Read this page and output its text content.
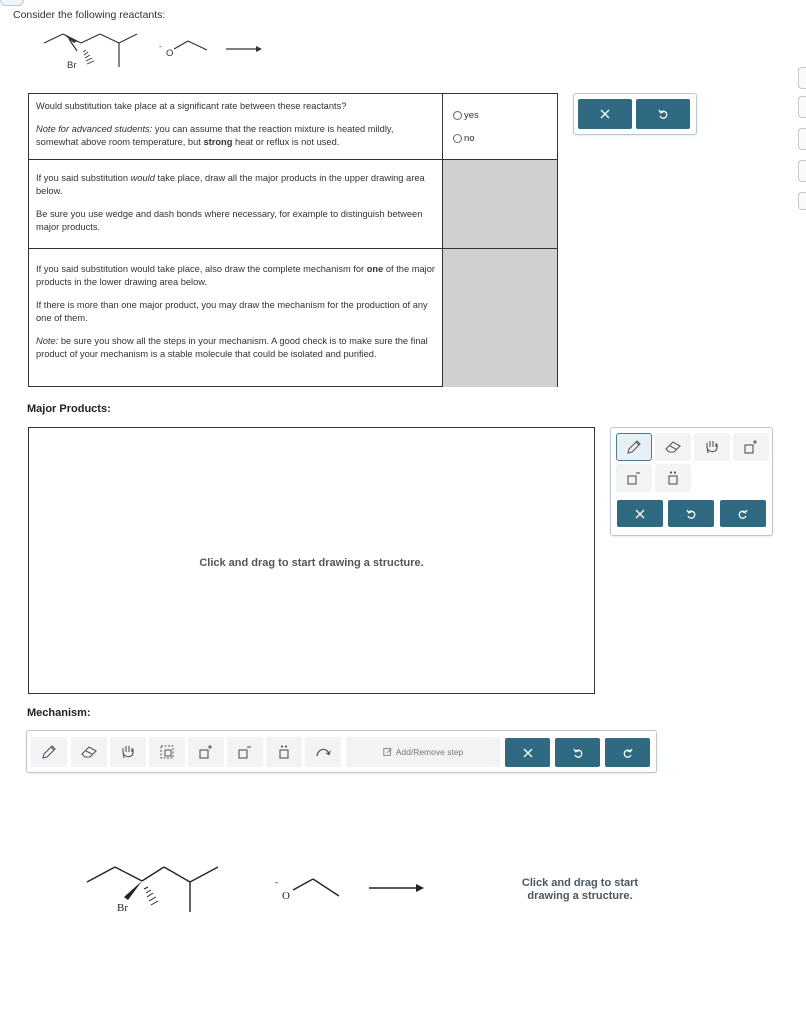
Consider the following reactants:
Br
O
-

Would substitution take place at a significant rate between these reactants?

Note for advanced students: you can assume that the reaction mixture is heated mildly, somewhat above room temperature, but strong heat or reflux is not used.

yes
no

If you said substitution would take place, draw all the major products in the upper drawing area below.

Be sure you use wedge and dash bonds where necessary, for example to distinguish between major products.

If you said substitution would take place, also draw the complete mechanism for one of the major products in the lower drawing area below.

If there is more than one major product, you may draw the mechanism for the production of any one of them.

Note: be sure you show all the steps in your mechanism. A good check is to make sure the final product of your mechanism is a stable molecule that could be isolated and purified.

Major Products:
Click and drag to start drawing a structure.
Mechanism:
Add/Remove step
Br
O
-	Click and drag to start drawing a structure.
